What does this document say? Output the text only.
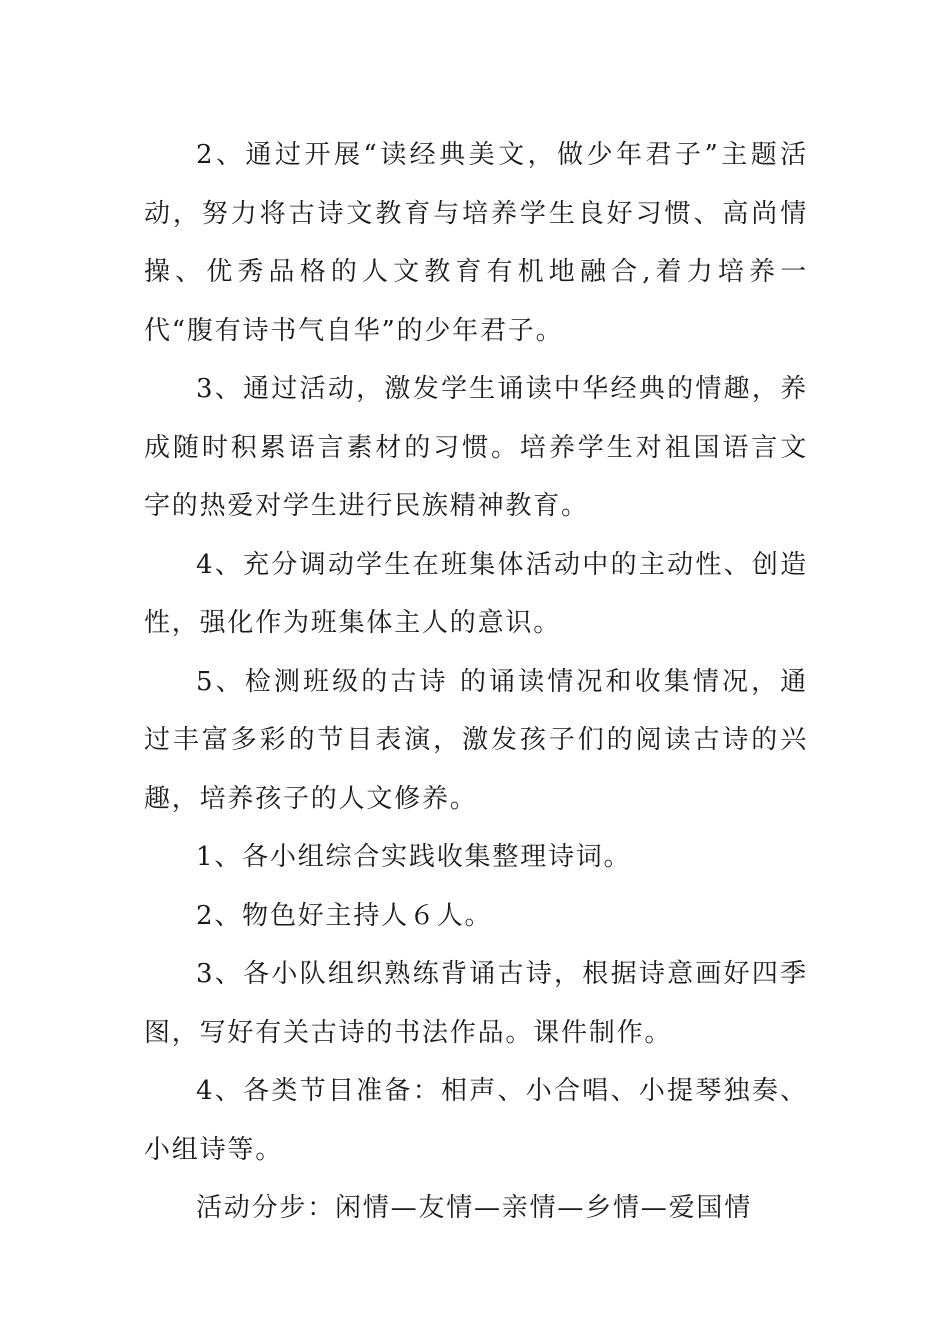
2、通过开展“读经典美文，做少年君子”主题活动，努力将古诗文教育与培养学生良好习惯、高尚情操、优秀品格的人文教育有机地融合,着力培养一代“腹有诗书气自华”的少年君子。

3、通过活动，激发学生诵读中华经典的情趣，养成随时积累语言素材的习惯。培养学生对祖国语言文字的热爱对学生进行民族精神教育。

4、充分调动学生在班集体活动中的主动性、创造性，强化作为班集体主人的意识。

5、检测班级的古诗 的诵读情况和收集情况，通过丰富多彩的节目表演，激发孩子们的阅读古诗的兴趣，培养孩子的人文修养。

1、各小组综合实践收集整理诗词。

2、物色好主持人６人。

3、各小队组织熟练背诵古诗，根据诗意画好四季图，写好有关古诗的书法作品。课件制作。

4、各类节目准备：相声、小合唱、小提琴独奏、小组诗等。

活动分步：闲情—友情—亲情—乡情—爱国情
